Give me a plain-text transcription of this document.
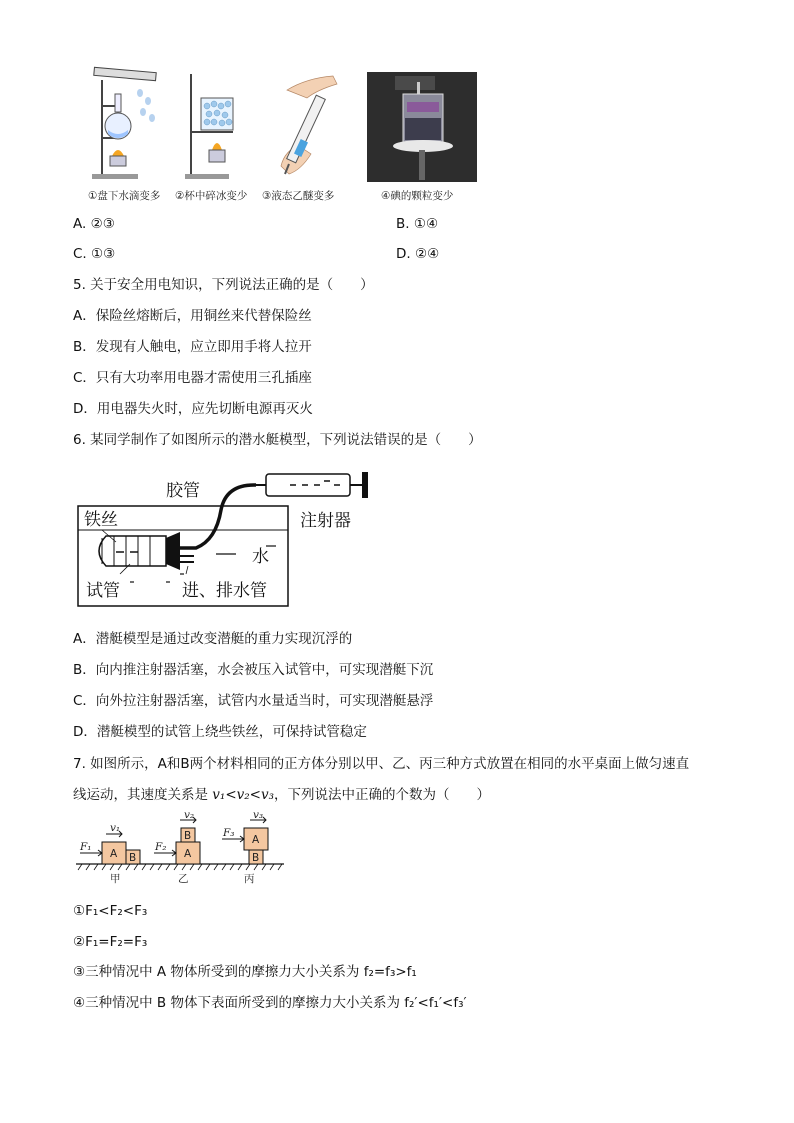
①盘下水滴变多 ②杯中碎冰变少 ③液态乙醚变多	④碘的颗粒变少
A. ②③	B. ①④
C. ①③	D. ②④
5. 关于安全用电知识，下列说法正确的是（　　）
A．保险丝熔断后，用铜丝来代替保险丝
B．发现有人触电，应立即用手将人拉开
C．只有大功率用电器才需使用三孔插座
D．用电器失火时，应先切断电源再灭火
6. 某同学制作了如图所示的潜水艇模型，下列说法错误的是（　　）
胶管
注射器
铁丝
水
试管	进、排水管
A．潜艇模型是通过改变潜艇的重力实现沉浮的
B．向内推注射器活塞，水会被压入试管中，可实现潜艇下沉
C．向外拉注射器活塞，试管内水量适当时，可实现潜艇悬浮
D．潜艇模型的试管上绕些铁丝，可保持试管稳定
7. 如图所示，A和B两个材料相同的正方体分别以甲、乙、丙三种方式放置在相同的水平桌面上做匀速直
线运动，其速度关系是 v₁<v₂<v₃，下列说法中正确的个数为（　　）
F₁
v₁
A B
F₂
v₂
A
B	F₃
v₃
A
B
甲	乙	丙
①F₁<F₂<F₃
②F₁=F₂=F₃
③三种情况中 A 物体所受到的摩擦力大小关系为 f₂=f₃>f₁
④三种情况中 B 物体下表面所受到的摩擦力大小关系为 f₂′<f₁′<f₃′
